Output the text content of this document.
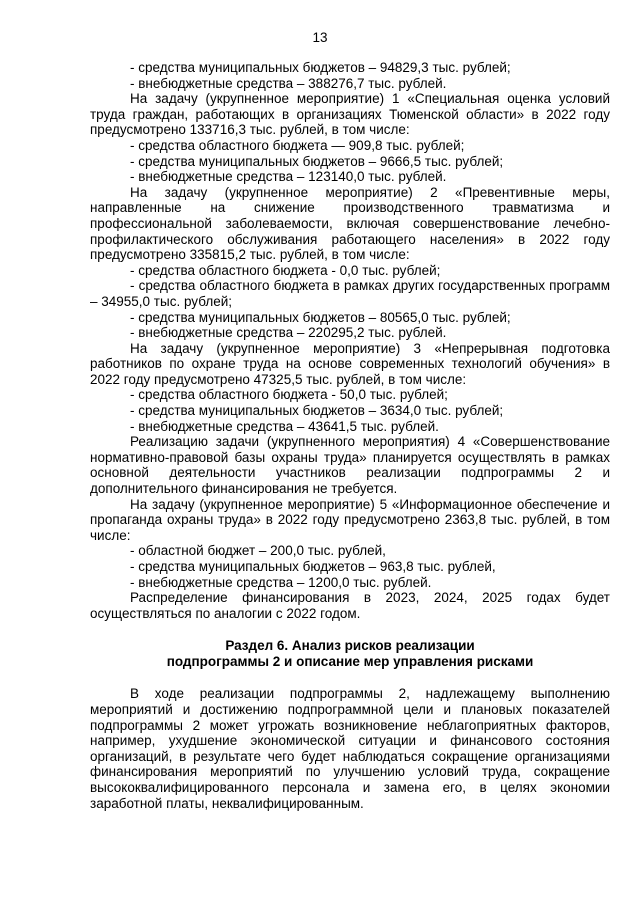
13

- средства муниципальных бюджетов – 94829,3 тыс. рублей;

- внебюджетные средства – 388276,7 тыс. рублей.

На задачу (укрупненное мероприятие) 1 «Специальная оценка условий труда граждан, работающих в организациях Тюменской области» в 2022 году предусмотрено 133716,3 тыс. рублей, в том числе:

- средства областного бюджета — 909,8 тыс. рублей;

- средства муниципальных бюджетов – 9666,5 тыс. рублей;

- внебюджетные средства – 123140,0 тыс. рублей.

На задачу (укрупненное мероприятие) 2 «Превентивные меры, направленные на снижение производственного травматизма и профессиональной заболеваемости, включая совершенствование лечебно-профилактического обслуживания работающего населения» в 2022 году предусмотрено 335815,2 тыс. рублей, в том числе:

- средства областного бюджета - 0,0 тыс. рублей;

- средства областного бюджета в рамках других государственных программ – 34955,0 тыс. рублей;

- средства муниципальных бюджетов – 80565,0 тыс. рублей;

- внебюджетные средства – 220295,2 тыс. рублей.

На задачу (укрупненное мероприятие) 3 «Непрерывная подготовка работников по охране труда на основе современных технологий обучения» в 2022 году предусмотрено 47325,5 тыс. рублей, в том числе:

- средства областного бюджета - 50,0 тыс. рублей;

- средства муниципальных бюджетов – 3634,0 тыс. рублей;

- внебюджетные средства – 43641,5 тыс. рублей.

Реализацию задачи (укрупненного мероприятия) 4 «Совершенствование нормативно-правовой базы охраны труда» планируется осуществлять в рамках основной деятельности участников реализации подпрограммы 2 и дополнительного финансирования не требуется.

На задачу (укрупненное мероприятие) 5 «Информационное обеспечение и пропаганда охраны труда» в 2022 году предусмотрено 2363,8 тыс. рублей, в том числе:

- областной бюджет – 200,0 тыс. рублей,

- средства муниципальных бюджетов – 963,8 тыс. рублей,

- внебюджетные средства – 1200,0 тыс. рублей.

Распределение финансирования в 2023, 2024, 2025 годах будет осуществляться по аналогии с 2022 годом.

Раздел 6. Анализ рисков реализации
подпрограммы 2 и описание мер управления рисками

В ходе реализации подпрограммы 2, надлежащему выполнению мероприятий и достижению подпрограммной цели и плановых показателей подпрограммы 2 может угрожать возникновение неблагоприятных факторов, например, ухудшение экономической ситуации и финансового состояния организаций, в результате чего будет наблюдаться сокращение организациями финансирования мероприятий по улучшению условий труда, сокращение высококвалифицированного персонала и замена его, в целях экономии заработной платы, неквалифицированным.
